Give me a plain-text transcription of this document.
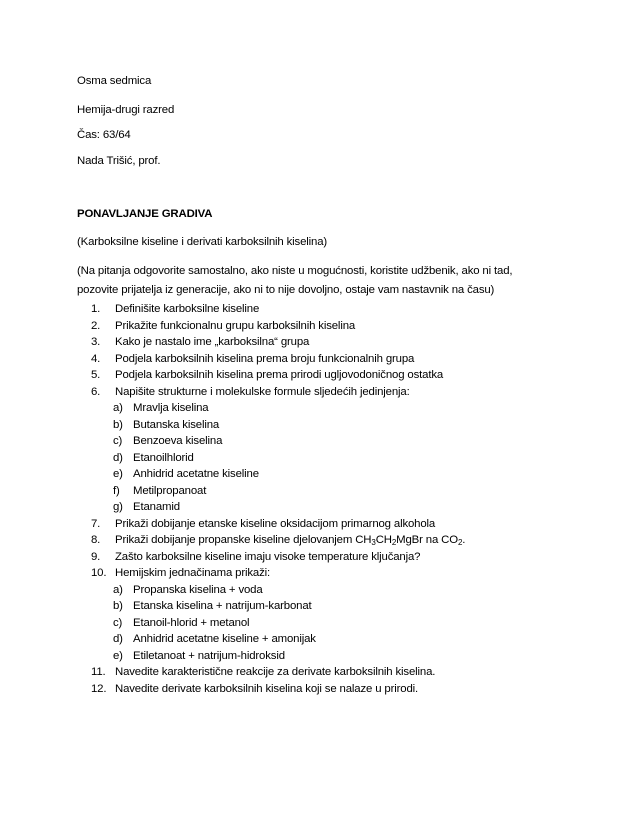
Osma sedmica
Hemija-drugi razred
Čas: 63/64
Nada Trišić, prof.
PONAVLJANJE GRADIVA
(Karboksilne kiseline i derivati karboksilnih kiselina)
(Na pitanja odgovorite samostalno, ako niste u mogućnosti, koristite udžbenik, ako ni tad, pozovite prijatelja iz generacije, ako ni to nije dovoljno, ostaje vam nastavnik na času)
1. Definišite karboksilne kiseline
2. Prikažite funkcionalnu grupu karboksilnih kiselina
3. Kako je nastalo ime „karboksilna“ grupa
4. Podjela karboksilnih kiselina prema broju funkcionalnih grupa
5. Podjela karboksilnih kiselina prema prirodi ugljovodoničnog ostatka
6. Napišite strukturne i molekulske formule sljedećih jedinjenja:
a) Mravlja kiselina
b) Butanska kiselina
c) Benzoeva kiselina
d) Etanoilhlorid
e) Anhidrid acetatne kiseline
f) Metilpropanoat
g) Etanamid
7. Prikaži dobijanje etanske kiseline oksidacijom primarnog alkohola
8. Prikaži dobijanje propanske kiseline djelovanjem $CH_3CH_2MgBr$ na $CO_2$.
9. Zašto karboksilne kiseline imaju visoke temperature ključanja?
10. Hemijskim jednačinama prikaži:
a) Propanska kiselina + voda
b) Etanska kiselina + natrijum-karbonat
c) Etanoil-hlorid + metanol
d) Anhidrid acetatne kiseline + amonijak
e) Etiletanoat + natrijum-hidroksid
11. Navedite karakteristične reakcije za derivate karboksilnih kiselina.
12. Navedite derivate karboksilnih kiselina koji se nalaze u prirodi.
